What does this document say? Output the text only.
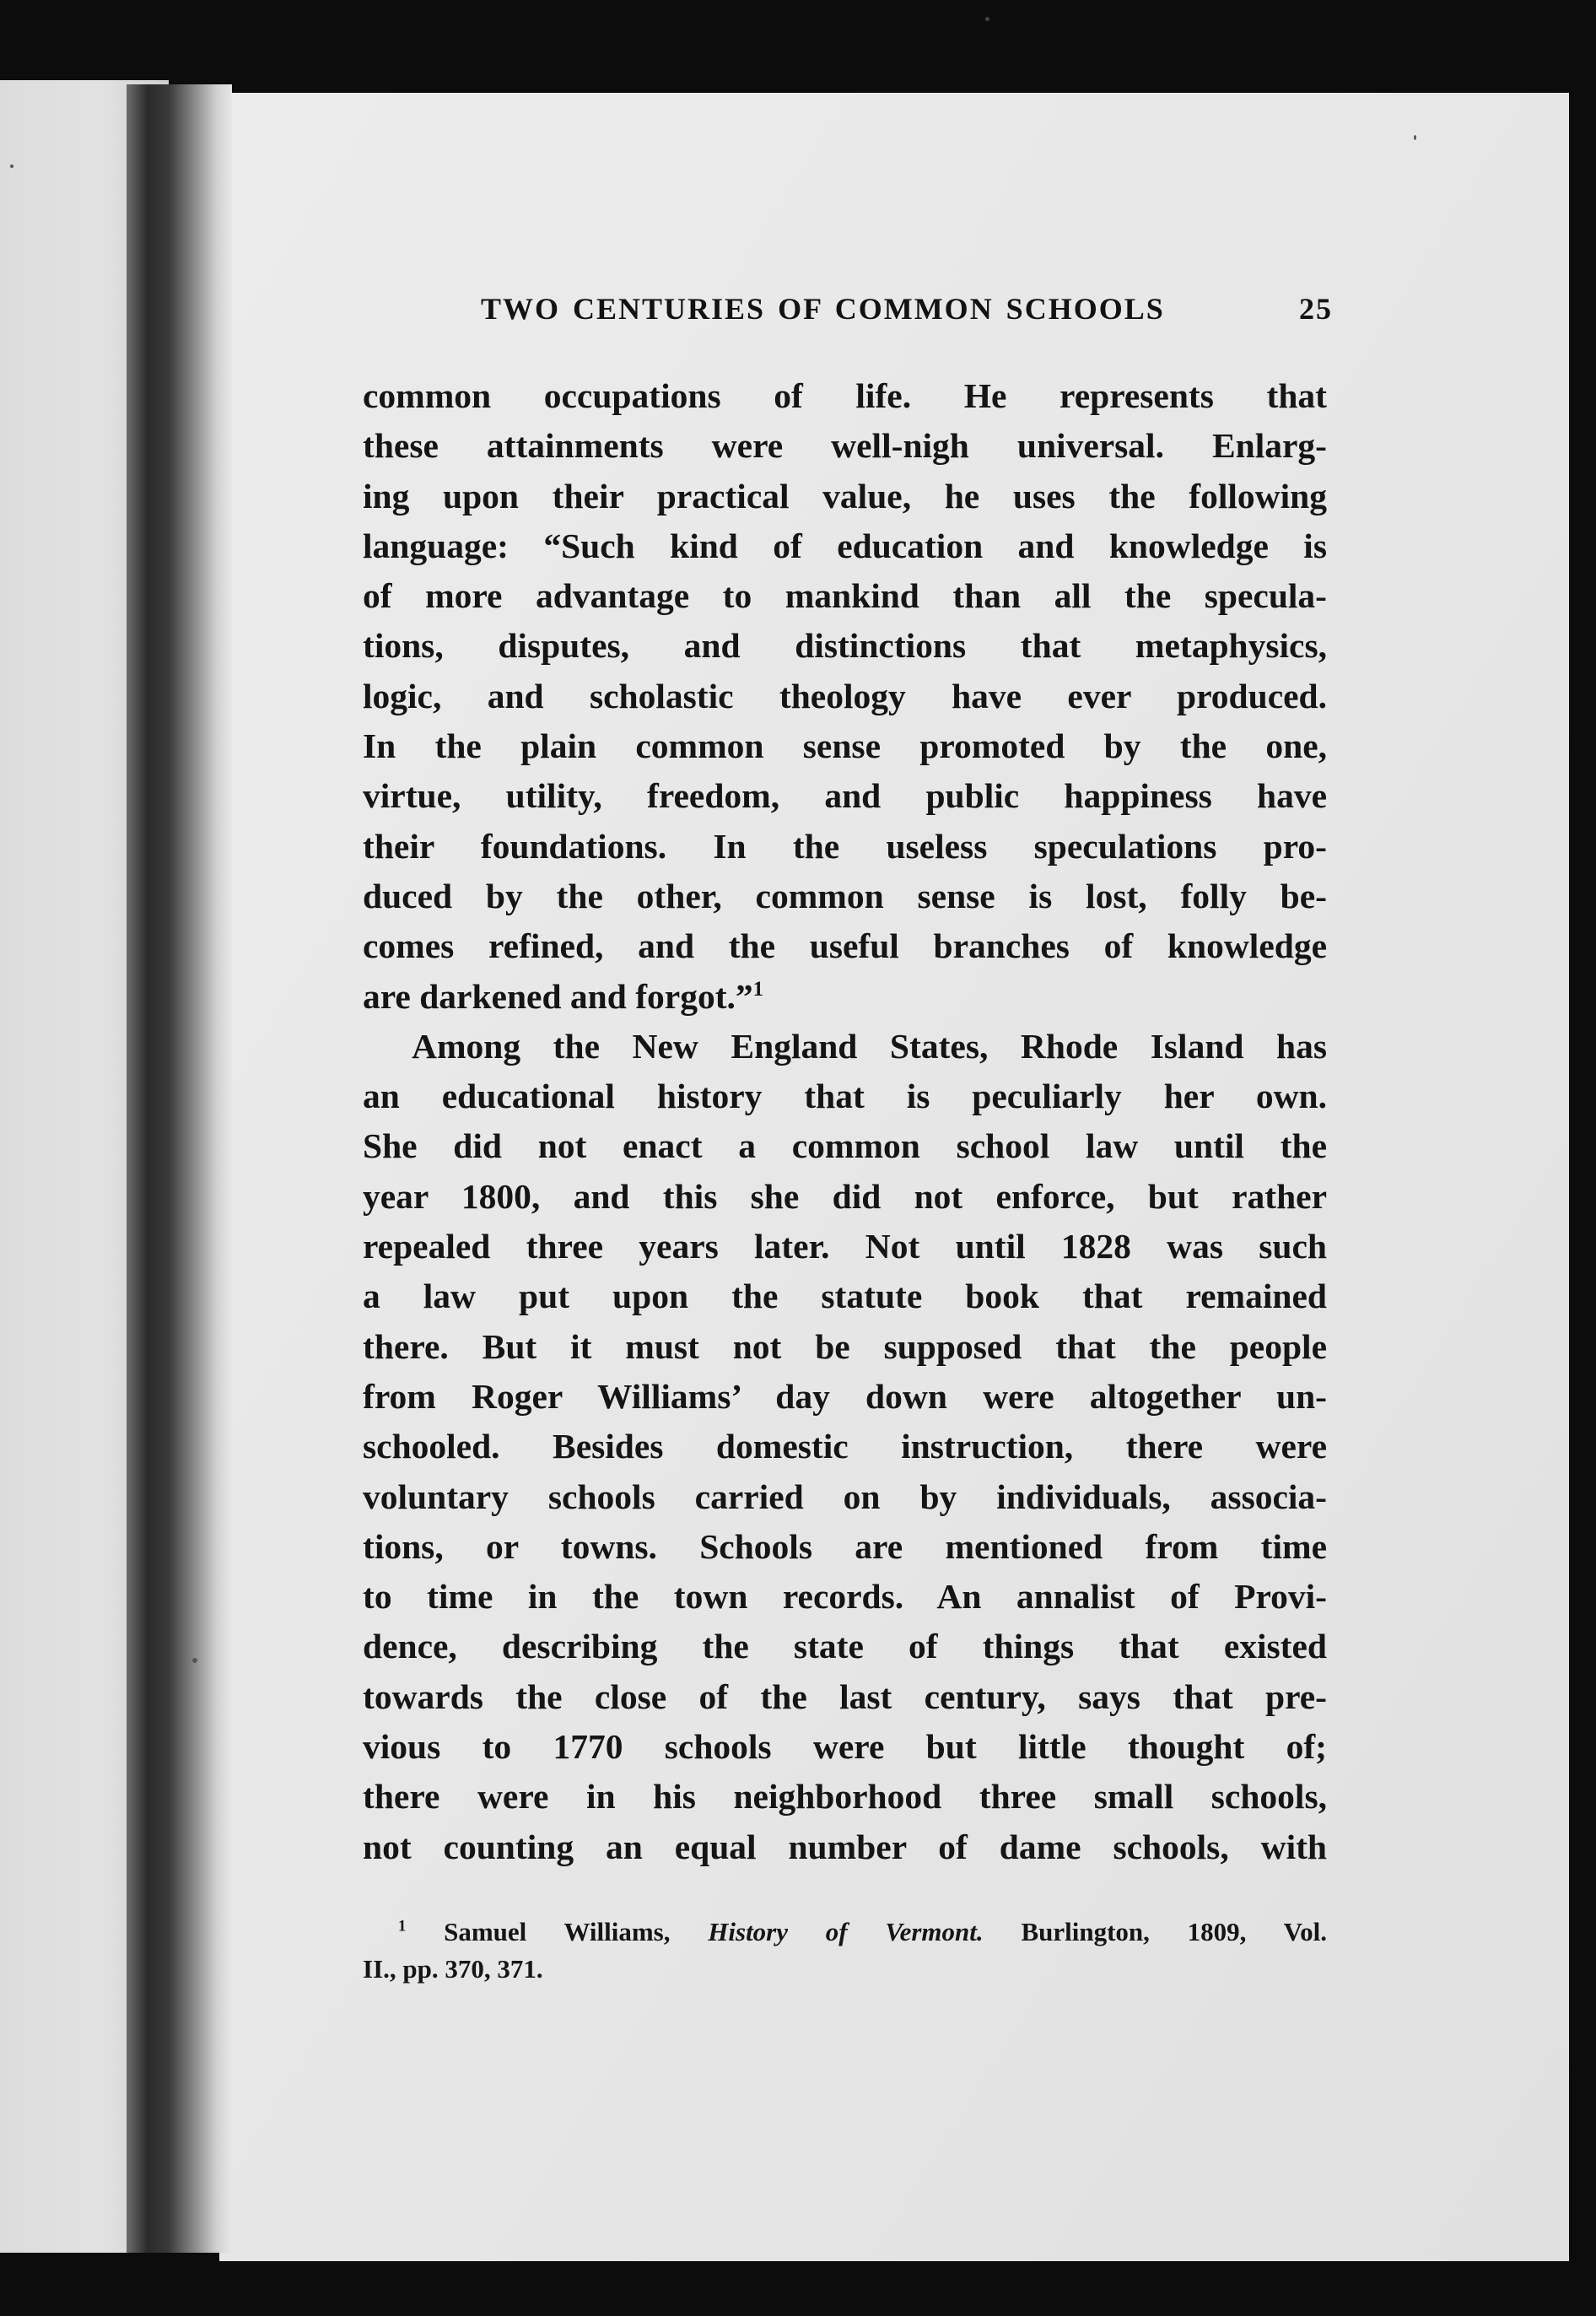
TWO CENTURIES OF COMMON SCHOOLS	25
common occupations of life. He represents that
these attainments were well-nigh universal. Enlarg-
ing upon their practical value, he uses the following
language: “Such kind of education and knowledge is
of more advantage to mankind than all the specula-
tions, disputes, and distinctions that metaphysics,
logic, and scholastic theology have ever produced.
In the plain common sense promoted by the one,
virtue, utility, freedom, and public happiness have
their foundations. In the useless speculations pro-
duced by the other, common sense is lost, folly be-
comes refined, and the useful branches of knowledge
are darkened and forgot.”$^1$
Among the New England States, Rhode Island has
an educational history that is peculiarly her own.
She did not enact a common school law until the
year 1800, and this she did not enforce, but rather
repealed three years later. Not until 1828 was such
a law put upon the statute book that remained
there. But it must not be supposed that the people
from Roger Williams’ day down were altogether un-
schooled. Besides domestic instruction, there were
voluntary schools carried on by individuals, associa-
tions, or towns. Schools are mentioned from time
to time in the town records. An annalist of Provi-
dence, describing the state of things that existed
towards the close of the last century, says that pre-
vious to 1770 schools were but little thought of;
there were in his neighborhood three small schools,
not counting an equal number of dame schools, with
$^1$ Samuel Williams, History of Vermont. Burlington, 1809, Vol.
II., pp. 370, 371.
